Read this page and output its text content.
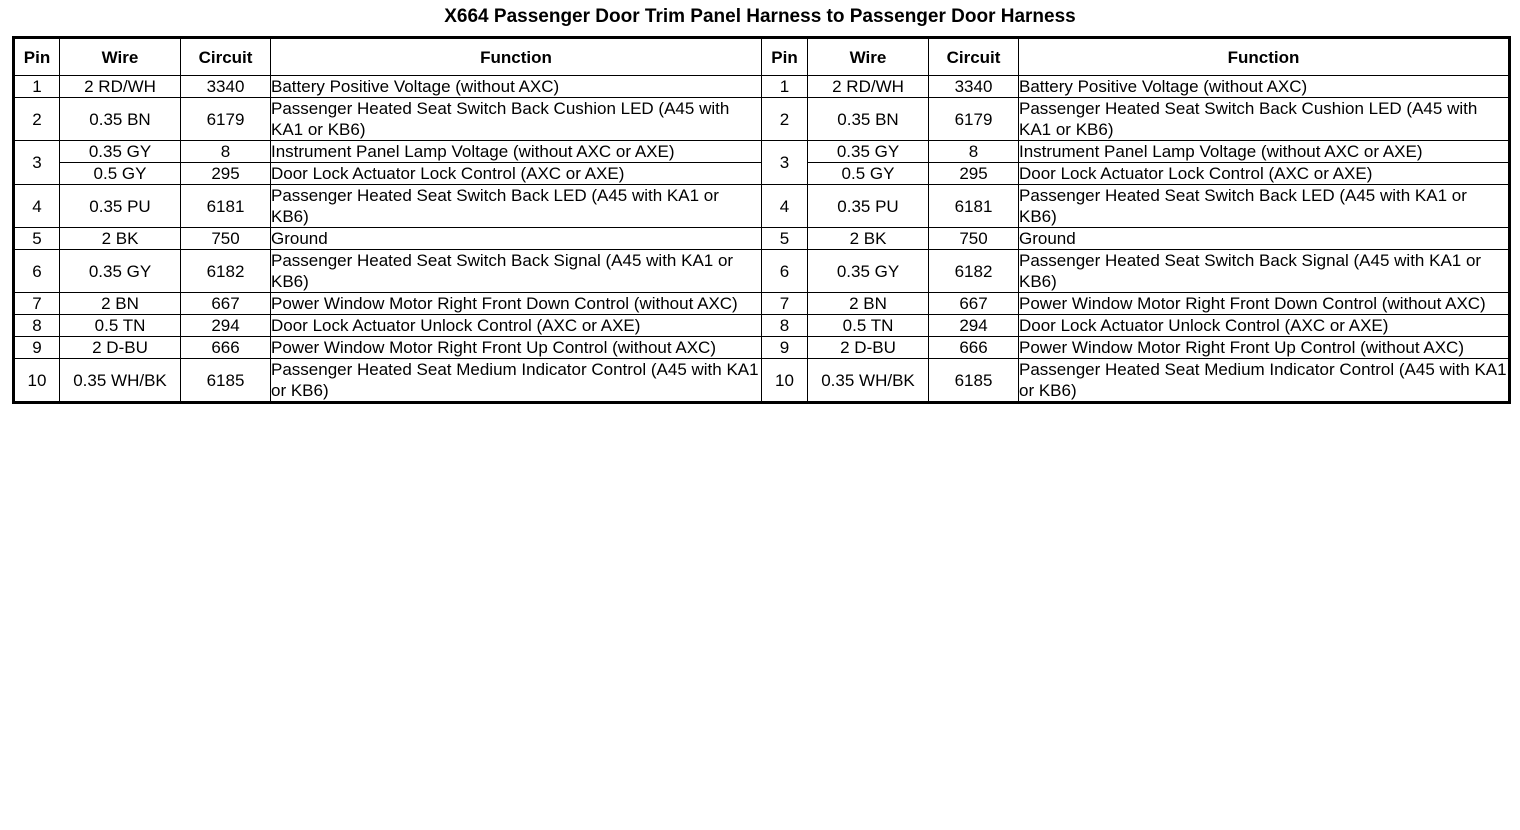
X664 Passenger Door Trim Panel Harness to Passenger Door Harness
Pin	Wire	Circuit	Function	Pin	Wire	Circuit	Function
1	2 RD/WH	3340	Battery Positive Voltage (without AXC)	1	2 RD/WH	3340	Battery Positive Voltage (without AXC)
2	0.35 BN	6179	Passenger Heated Seat Switch Back Cushion LED (A45 with KA1 or KB6)	2	0.35 BN	6179	Passenger Heated Seat Switch Back Cushion LED (A45 with KA1 or KB6)
3	0.35 GY	8	Instrument Panel Lamp Voltage (without AXC or AXE)	3	0.35 GY	8	Instrument Panel Lamp Voltage (without AXC or AXE)
	0.5 GY	295	Door Lock Actuator Lock Control (AXC or AXE)		0.5 GY	295	Door Lock Actuator Lock Control (AXC or AXE)
4	0.35 PU	6181	Passenger Heated Seat Switch Back LED (A45 with KA1 or KB6)	4	0.35 PU	6181	Passenger Heated Seat Switch Back LED (A45 with KA1 or KB6)
5	2 BK	750	Ground	5	2 BK	750	Ground
6	0.35 GY	6182	Passenger Heated Seat Switch Back Signal (A45 with KA1 or KB6)	6	0.35 GY	6182	Passenger Heated Seat Switch Back Signal (A45 with KA1 or KB6)
7	2 BN	667	Power Window Motor Right Front Down Control (without AXC)	7	2 BN	667	Power Window Motor Right Front Down Control (without AXC)
8	0.5 TN	294	Door Lock Actuator Unlock Control (AXC or AXE)	8	0.5 TN	294	Door Lock Actuator Unlock Control (AXC or AXE)
9	2 D-BU	666	Power Window Motor Right Front Up Control (without AXC)	9	2 D-BU	666	Power Window Motor Right Front Up Control (without AXC)
10	0.35 WH/BK	6185	Passenger Heated Seat Medium Indicator Control (A45 with KA1 or KB6)	10	0.35 WH/BK	6185	Passenger Heated Seat Medium Indicator Control (A45 with KA1 or KB6)
